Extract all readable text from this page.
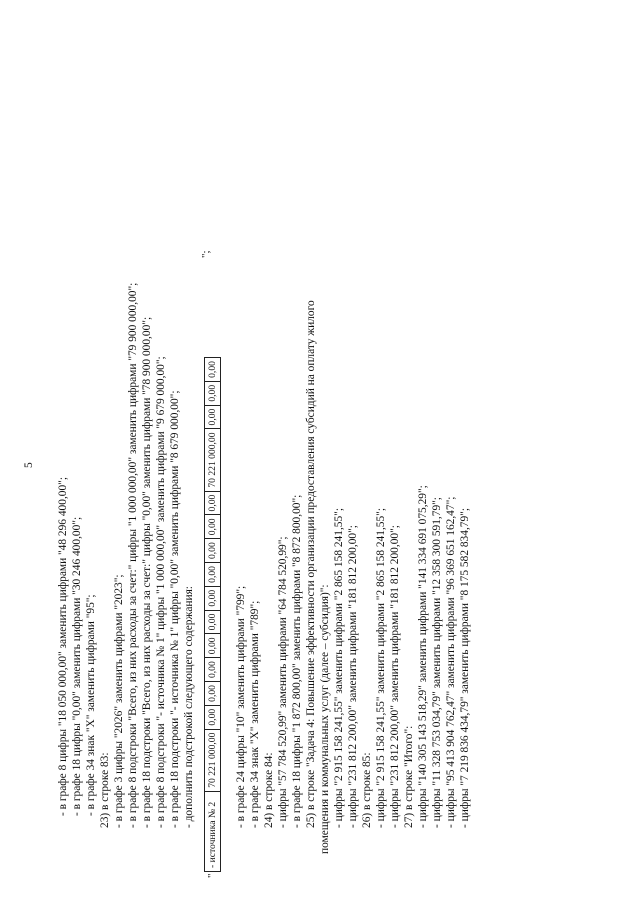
5
- в графе 8 цифры "18 050 000,00" заменить цифрами "48 296 400,00"; - в графе 18 цифры "0,00" заменить цифрами "30 246 400,00"; - в графе 34 знак "Х" заменить цифрами "95"; 23) в строке 83: - в графе 3 цифры "2026" заменить цифрами "2023"; - в графе 8 подстроки "Всего, из них расходы за счет:" цифры "1 000 000,00" заменить цифрами "79 900 000,00"; - в графе 18 подстроки "Всего, из них расходы за счет:" цифры "0,00" заменить цифрами "78 900 000,00"; - в графе 8 подстроки "- источника № 1" цифры "1 000 000,00" заменить цифрами "9 679 000,00"; - в графе 18 подстроки "- источника № 1" цифры "0,00" заменить цифрами "8 679 000,00"; - дополнить подстрокой следующего содержания:
"
- источника № 2	70 221 000,00	0,00	0,00	0,00	0,00	0,00	0,00	0,00	0,00	0,00	0,00	70 221 000,00	0,00	0,00	0,00
";
- в графе 24 цифры "10" заменить цифрами "799"; - в графе 34 знак "Х" заменить цифрами "789"; 24) в строке 84: - цифры "57 784 520,99" заменить цифрами "64 784 520,99"; - в графе 18 цифры "1 872 800,00" заменить цифрами "8 872 800,00"; 25) в строке "Задача 4: Повышение эффективности организации предоставления субсидий на оплату жилого помещения и коммунальных услуг (далее – субсидия)": - цифры "2 915 158 241,55" заменить цифрами "2 865 158 241,55"; - цифры "231 812 200,00" заменить цифрами "181 812 200,00"; 26) в строке 85: - цифры "2 915 158 241,55" заменить цифрами "2 865 158 241,55"; - цифры "231 812 200,00" заменить цифрами "181 812 200,00"; 27) в строке "Итого": - цифры "140 305 143 518,29" заменить цифрами "141 334 691 075,29"; - цифры "11 328 753 034,79" заменить цифрами "12 358 300 591,79"; - цифры "95 413 904 762,47" заменить цифрами "96 369 651 162,47"; - цифры "7 219 836 434,79" заменить цифрами "8 175 582 834,79";
